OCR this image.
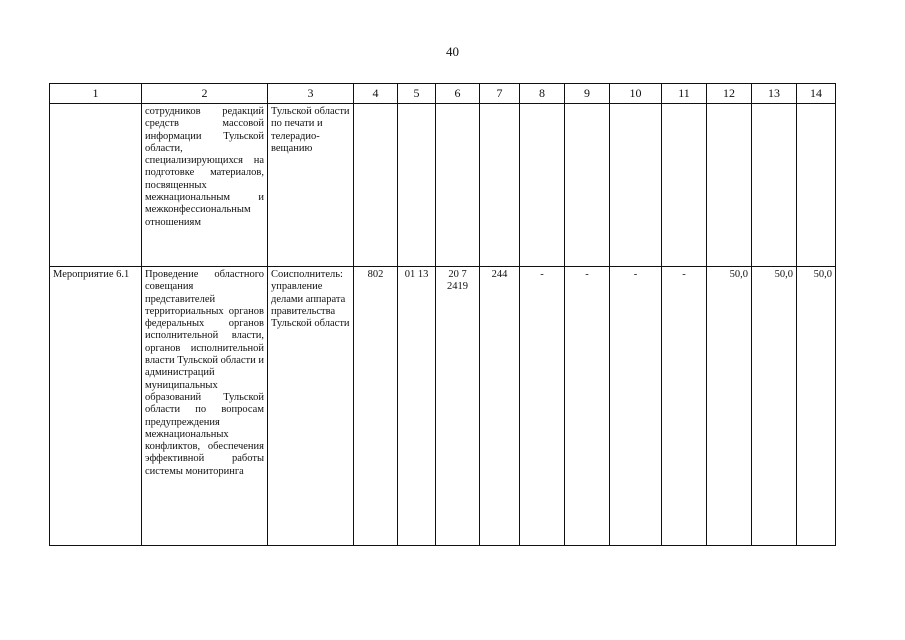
40
1	2	3	4	5	6	7	8	9	10	11	12	13	14
	сотрудников редакций средств массовой информации Тульской области, специализирующихся на подготовке материалов, посвященных межнациональным и межконфессиональным отношениям	Тульской области по печати и телерадио-вещанию											
Мероприятие 6.1	Проведение областного совещания представителей территориальных органов федеральных органов исполнительной власти, органов исполнительной власти Тульской области и администраций муниципальных образований Тульской области по вопросам предупреждения межнациональных конфликтов, обеспечения эффективной работы системы мониторинга	Соисполнитель: управление делами аппарата правительства Тульской области	802	01 13	20 7 2419	244	-	-	-	-	50,0	50,0	50,0
